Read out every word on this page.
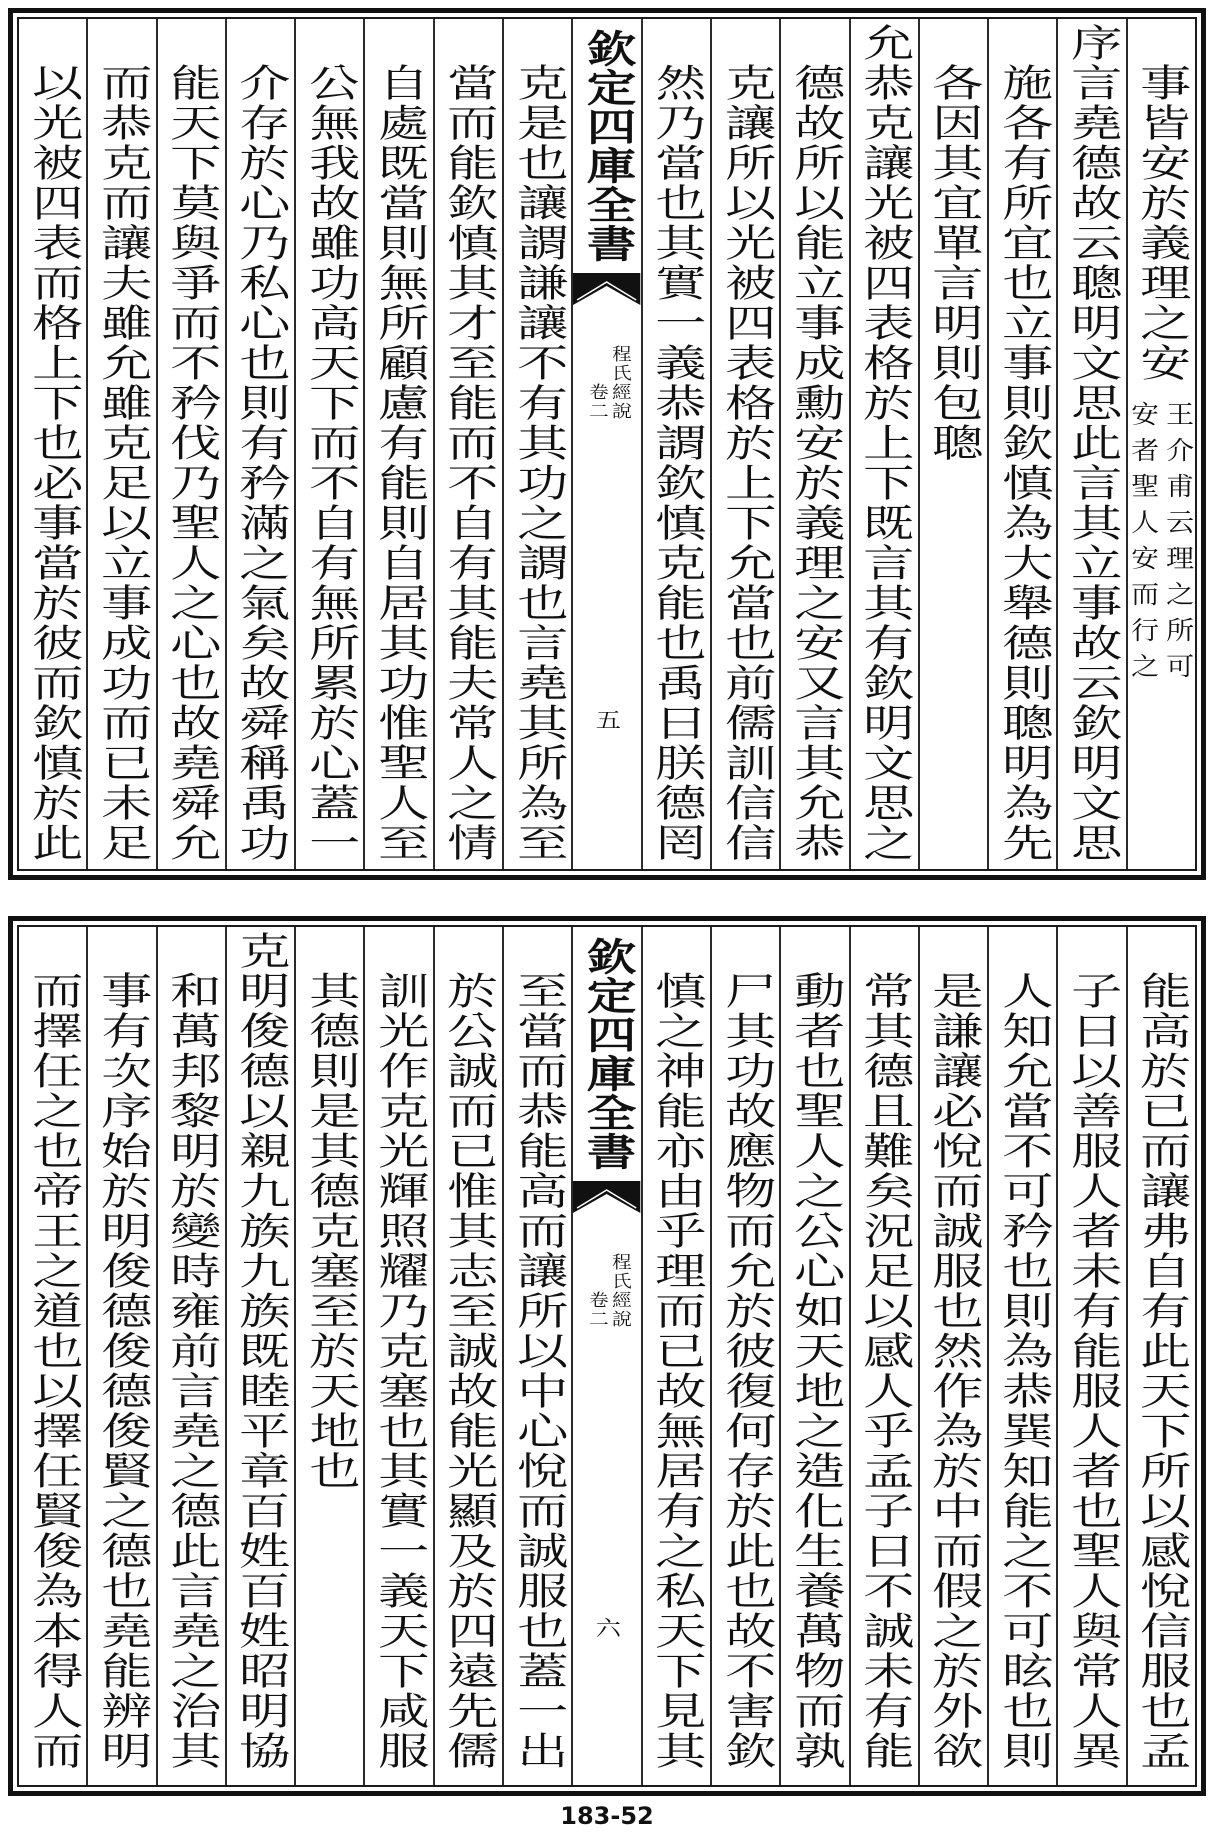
事皆安於義理之安
王介甫云理之所可
安者聖人安而行之
序言堯德故云聰明文思此言其立事故云欽明文思
施各有所宜也立事則欽慎為大舉德則聰明為先
各因其宜單言明則包聰
允恭克讓光被四表格於上下既言其有欽明文思之
德故所以能立事成勳安於義理之安又言其允恭
克讓所以光被四表格於上下允當也前儒訓信信
然乃當也其實一義恭謂欽慎克能也禹曰朕德罔
欽定四庫全書
程氏經說
卷二
五
克是也讓謂謙讓不有其功之謂也言堯其所為至
當而能欽慎其才至能而不自有其能夫常人之情
自處既當則無所顧慮有能則自居其功惟聖人至
公無我故雖功高天下而不自有無所累於心蓋一
介存於心乃私心也則有矜滿之氣矣故舜稱禹功
能天下莫與爭而不矜伐乃聖人之心也故堯舜允
而恭克而讓夫雖允雖克足以立事成功而已未足
以光被四表而格上下也必事當於彼而欽慎於此
能高於已而讓弗自有此天下所以感悅信服也孟
子曰以善服人者未有能服人者也聖人與常人異
人知允當不可矜也則為恭巽知能之不可眩也則
是謙讓必悅而誠服也然作為於中而假之於外欲
常其德且難矣況足以感人乎孟子曰不誠未有能
動者也聖人之公心如天地之造化生養萬物而孰
尸其功故應物而允於彼復何存於此也故不害欽
慎之神能亦由乎理而已故無居有之私天下見其
欽定四庫全書
程氏經說
卷二
六
至當而恭能高而讓所以中心悅而誠服也蓋一出
於公誠而已惟其志至誠故能光顯及於四遠先儒
訓光作克光輝照耀乃克塞也其實一義天下咸服
其德則是其德克塞至於天地也
克明俊德以親九族九族既睦平章百姓百姓昭明協
和萬邦黎明於變時雍前言堯之德此言堯之治其
事有次序始於明俊德俊德俊賢之德也堯能辨明
而擇任之也帝王之道也以擇任賢俊為本得人而
183-52
